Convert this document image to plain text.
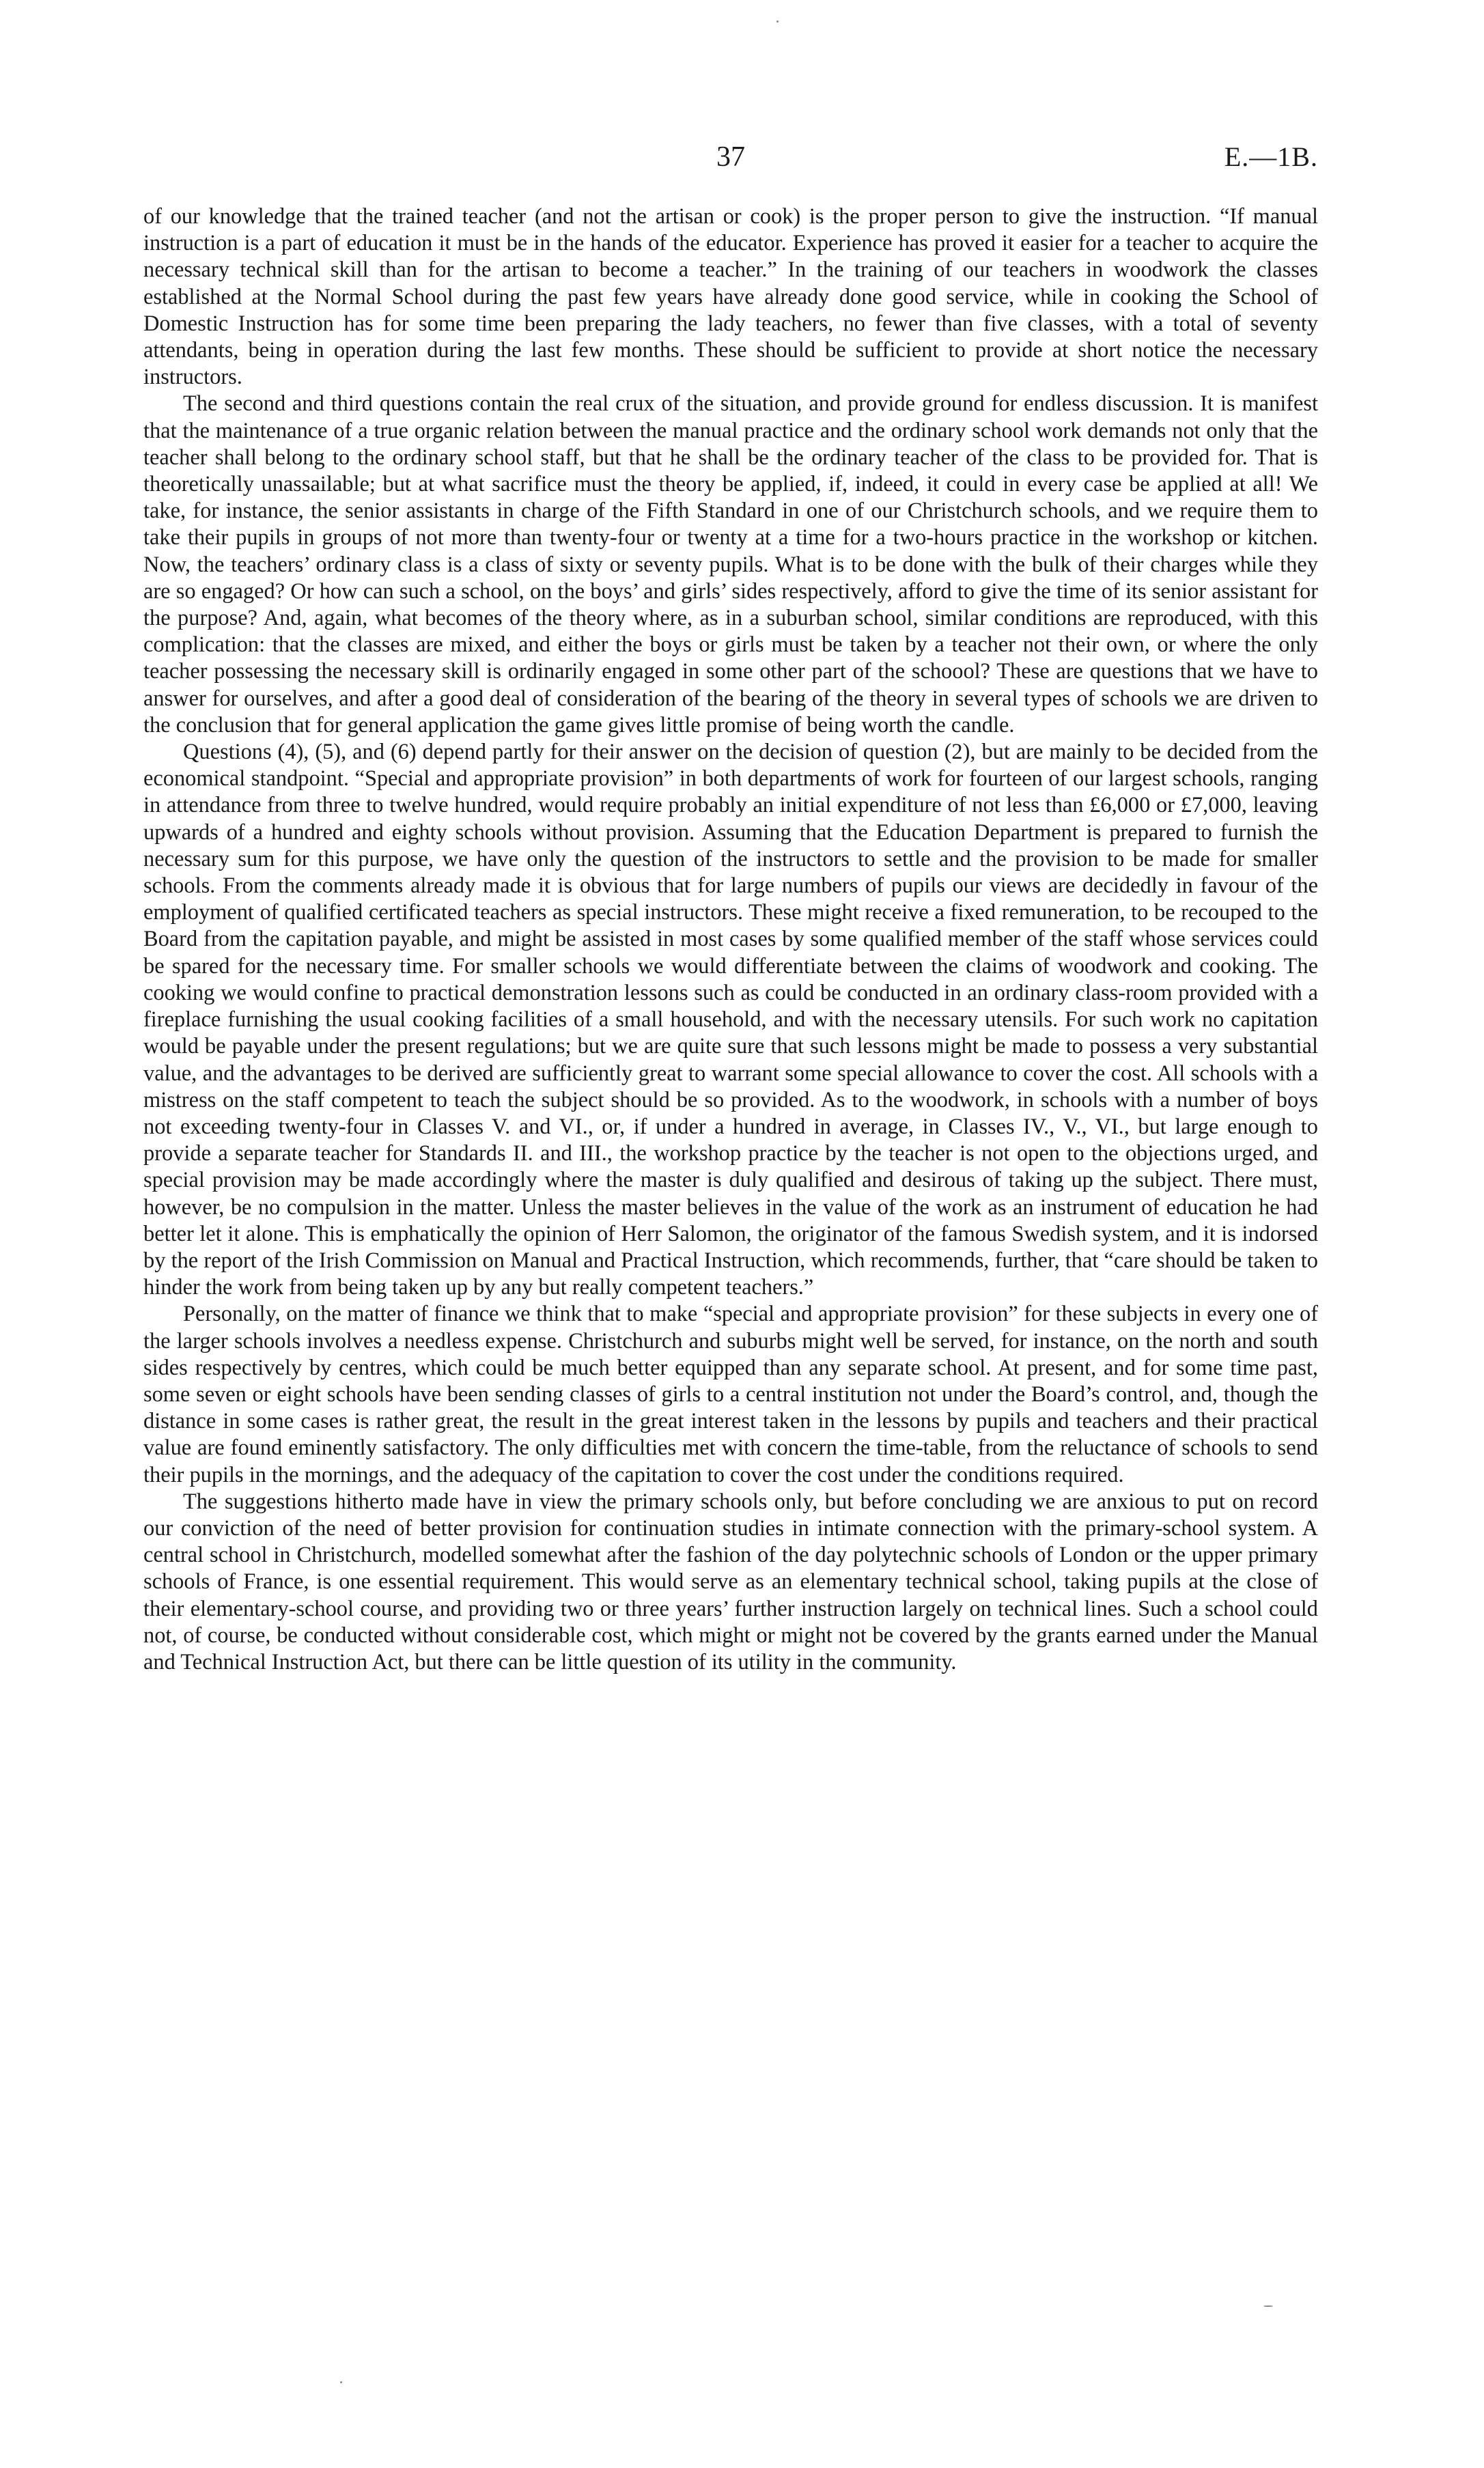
37	E.—1B.

of our knowledge that the trained teacher (and not the artisan or cook) is the proper person to give the instruction. “If manual instruction is a part of education it must be in the hands of the educator. Experience has proved it easier for a teacher to acquire the necessary technical skill than for the artisan to become a teacher.” In the training of our teachers in woodwork the classes established at the Normal School during the past few years have already done good service, while in cooking the School of Domestic Instruction has for some time been preparing the lady teachers, no fewer than five classes, with a total of seventy attendants, being in operation during the last few months. These should be sufficient to provide at short notice the necessary instructors.

The second and third questions contain the real crux of the situation, and provide ground for endless discussion. It is manifest that the maintenance of a true organic relation between the manual practice and the ordinary school work demands not only that the teacher shall belong to the ordinary school staff, but that he shall be the ordinary teacher of the class to be provided for. That is theoretically unassailable; but at what sacrifice must the theory be applied, if, indeed, it could in every case be applied at all! We take, for instance, the senior assistants in charge of the Fifth Standard in one of our Christchurch schools, and we require them to take their pupils in groups of not more than twenty-four or twenty at a time for a two-hours practice in the workshop or kitchen. Now, the teachers’ ordinary class is a class of sixty or seventy pupils. What is to be done with the bulk of their charges while they are so engaged? Or how can such a school, on the boys’ and girls’ sides respectively, afford to give the time of its senior assistant for the purpose? And, again, what becomes of the theory where, as in a suburban school, similar conditions are reproduced, with this complication: that the classes are mixed, and either the boys or girls must be taken by a teacher not their own, or where the only teacher possessing the necessary skill is ordinarily engaged in some other part of the schoool? These are questions that we have to answer for ourselves, and after a good deal of consideration of the bearing of the theory in several types of schools we are driven to the conclusion that for general application the game gives little promise of being worth the candle.

Questions (4), (5), and (6) depend partly for their answer on the decision of question (2), but are mainly to be decided from the economical standpoint. “Special and appropriate provision” in both departments of work for fourteen of our largest schools, ranging in attendance from three to twelve hundred, would require probably an initial expenditure of not less than £6,000 or £7,000, leaving upwards of a hundred and eighty schools without provision. Assuming that the Education Department is prepared to furnish the necessary sum for this purpose, we have only the question of the instructors to settle and the provision to be made for smaller schools. From the comments already made it is obvious that for large numbers of pupils our views are decidedly in favour of the employment of qualified certificated teachers as special instructors. These might receive a fixed remuneration, to be recouped to the Board from the capitation payable, and might be assisted in most cases by some qualified member of the staff whose services could be spared for the necessary time. For smaller schools we would differentiate between the claims of woodwork and cooking. The cooking we would confine to practical demonstration lessons such as could be conducted in an ordinary class-room provided with a fireplace furnishing the usual cooking facilities of a small household, and with the necessary utensils. For such work no capitation would be payable under the present regulations; but we are quite sure that such lessons might be made to possess a very substantial value, and the advantages to be derived are sufficiently great to warrant some special allowance to cover the cost. All schools with a mistress on the staff competent to teach the subject should be so provided. As to the woodwork, in schools with a number of boys not exceeding twenty-four in Classes V. and VI., or, if under a hundred in average, in Classes IV., V., VI., but large enough to provide a separate teacher for Standards II. and III., the workshop practice by the teacher is not open to the objections urged, and special provision may be made accordingly where the master is duly qualified and desirous of taking up the subject. There must, however, be no compulsion in the matter. Unless the master believes in the value of the work as an instrument of education he had better let it alone. This is emphatically the opinion of Herr Salomon, the originator of the famous Swedish system, and it is indorsed by the report of the Irish Commission on Manual and Practical Instruction, which recommends, further, that “care should be taken to hinder the work from being taken up by any but really competent teachers.”

Personally, on the matter of finance we think that to make “special and appropriate provision” for these subjects in every one of the larger schools involves a needless expense. Christchurch and suburbs might well be served, for instance, on the north and south sides respectively by centres, which could be much better equipped than any separate school. At present, and for some time past, some seven or eight schools have been sending classes of girls to a central institution not under the Board’s control, and, though the distance in some cases is rather great, the result in the great interest taken in the lessons by pupils and teachers and their practical value are found eminently satisfactory. The only difficulties met with concern the time-table, from the reluctance of schools to send their pupils in the mornings, and the adequacy of the capitation to cover the cost under the conditions required.

The suggestions hitherto made have in view the primary schools only, but before concluding we are anxious to put on record our conviction of the need of better provision for continuation studies in intimate connection with the primary-school system. A central school in Christchurch, modelled somewhat after the fashion of the day polytechnic schools of London or the upper primary schools of France, is one essential requirement. This would serve as an elementary technical school, taking pupils at the close of their elementary-school course, and providing two or three years’ further instruction largely on technical lines. Such a school could not, of course, be conducted without considerable cost, which might or might not be covered by the grants earned under the Manual and Technical Instruction Act, but there can be little question of its utility in the community.
